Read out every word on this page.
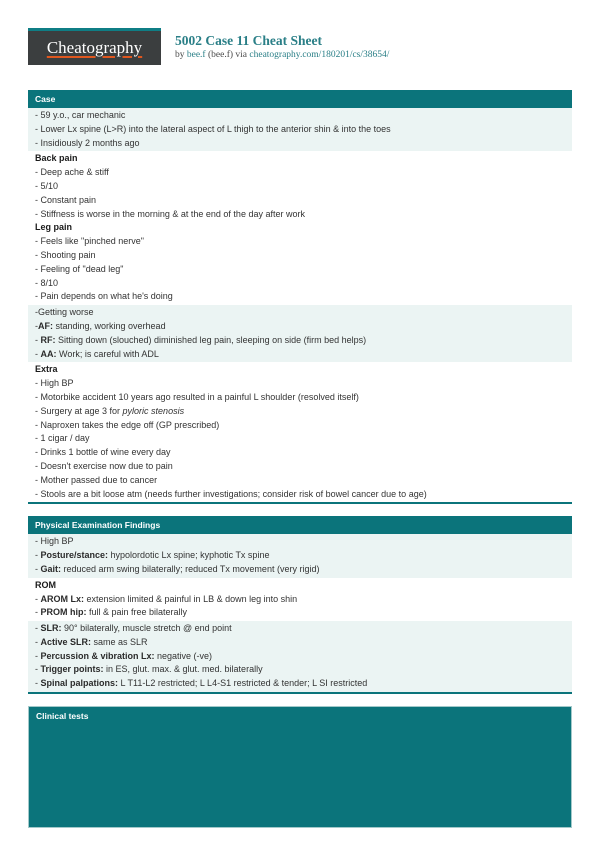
Cheatography 5002 Case 11 Cheat Sheet
by bee.f (bee.f) via cheatography.com/180201/cs/38654/
Case
- 59 y.o., car mechanic
- Lower Lx spine (L>R) into the lateral aspect of L thigh to the anterior shin & into the toes
- Insidiously 2 months ago
Back pain
- Deep ache & stiff
- 5/10
- Constant pain
- Stiffness is worse in the morning & at the end of the day after work
Leg pain
- Feels like "pinched nerve"
- Shooting pain
- Feeling of "dead leg"
- 8/10
- Pain depends on what he's doing
-Getting worse
-AF: standing, working overhead
- RF: Sitting down (slouched) diminished leg pain, sleeping on side (firm bed helps)
- AA: Work; is careful with ADL
Extra
- High BP
- Motorbike accident 10 years ago resulted in a painful L shoulder (resolved itself)
- Surgery at age 3 for pyloric stenosis
- Naproxen takes the edge off (GP prescribed)
- 1 cigar / day
- Drinks 1 bottle of wine every day
- Doesn't exercise now due to pain
- Mother passed due to cancer
- Stools are a bit loose atm (needs further investigations; consider risk of bowel cancer due to age)
Physical Examination Findings
- High BP
- Posture/stance: hypolordotic Lx spine; kyphotic Tx spine
- Gait: reduced arm swing bilaterally; reduced Tx movement (very rigid)
ROM
- AROM Lx: extension limited & painful in LB & down leg into shin
- PROM hip: full & pain free bilaterally
- SLR: 90° bilaterally, muscle stretch @ end point
- Active SLR: same as SLR
- Percussion & vibration Lx: negative (-ve)
- Trigger points: in ES, glut. max. & glut. med. bilaterally
- Spinal palpations: L T11-L2 restricted; L L4-S1 restricted & tender; L SI restricted
Clinical tests
